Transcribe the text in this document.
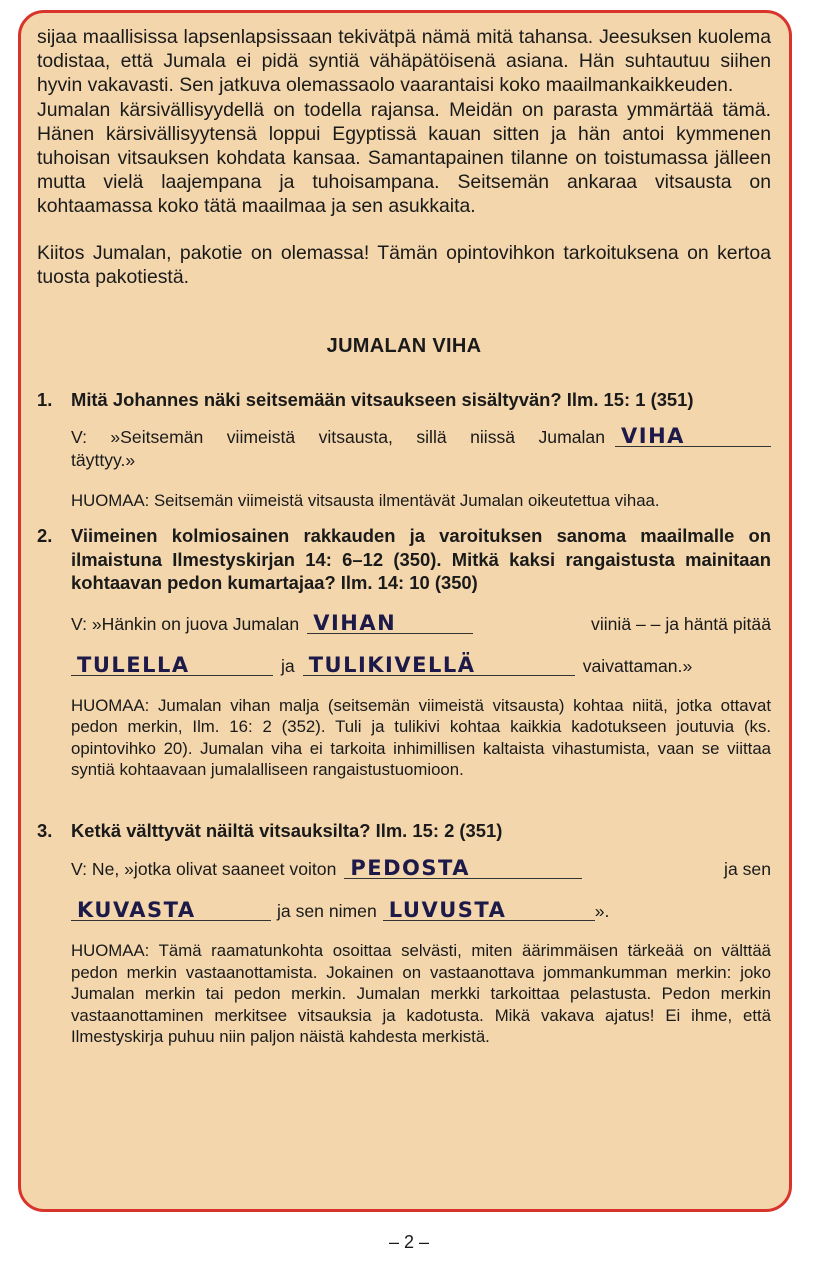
sijaa maallisissa lapsenlapsissaan tekivätpä nämä mitä tahansa. Jeesuksen kuolema todistaa, että Jumala ei pidä syntiä vähäpätöisenä asiana. Hän suhtautuu siihen hyvin vakavasti. Sen jatkuva olemassaolo vaarantaisi koko maailmankaikkeuden.

Jumalan kärsivällisyydellä on todella rajansa. Meidän on parasta ymmärtää tämä. Hänen kärsivällisyytensä loppui Egyptissä kauan sitten ja hän antoi kymmenen tuhoisan vitsauksen kohdata kansaa. Samantapainen tilanne on toistumassa jälleen mutta vielä laajempana ja tuhoisampana. Seitsemän ankaraa vitsausta on kohtaamassa koko tätä maailmaa ja sen asukkaita.

Kiitos Jumalan, pakotie on olemassa! Tämän opintovihkon tarkoituksena on kertoa tuosta pakotiestä.

JUMALAN VIHA
1.	Mitä Johannes näki seitsemään vitsaukseen sisältyvän? Ilm. 15: 1 (351)
V: »Seitsemän viimeistä vitsausta, sillä niissä Jumalan VIHA

täyttyy.»

HUOMAA: Seitsemän viimeistä vitsausta ilmentävät Jumalan oikeutettua vihaa.

2.	Viimeinen kolmiosainen rakkauden ja varoituksen sanoma maailmalle on ilmaistuna Ilmestyskirjan 14: 6–12 (350). Mitkä kaksi rangaistusta mainitaan kohtaavan pedon kumartajaa? Ilm. 14: 10 (350)
V: »Hänkin on juova Jumalan VIHAN	viiniä – – ja häntä pitää
TULELLA	ja TULIKIVELLÄ	vaivattaman.»

HUOMAA: Jumalan vihan malja (seitsemän viimeistä vitsausta) kohtaa niitä, jotka ottavat pedon merkin, Ilm. 16: 2 (352). Tuli ja tulikivi kohtaa kaikkia kadotukseen joutuvia (ks. opintovihko 20). Jumalan viha ei tarkoita inhimillisen kaltaista vihastumista, vaan se viittaa syntiä kohtaavaan jumalalliseen rangaistustuomioon.

3.	Ketkä välttyvät näiltä vitsauksilta? Ilm. 15: 2 (351)
V: Ne, »jotka olivat saaneet voiton PEDOSTA	ja sen
KUVASTA	ja sen nimen LUVUSTA	».

HUOMAA: Tämä raamatunkohta osoittaa selvästi, miten äärimmäisen tärkeää on välttää pedon merkin vastaanottamista. Jokainen on vastaanottava jommankumman merkin: joko Jumalan merkin tai pedon merkin. Jumalan merkki tarkoittaa pelastusta. Pedon merkin vastaanottaminen merkitsee vitsauksia ja kadotusta. Mikä vakava ajatus! Ei ihme, että Ilmestyskirja puhuu niin paljon näistä kahdesta merkistä.

– 2 –
